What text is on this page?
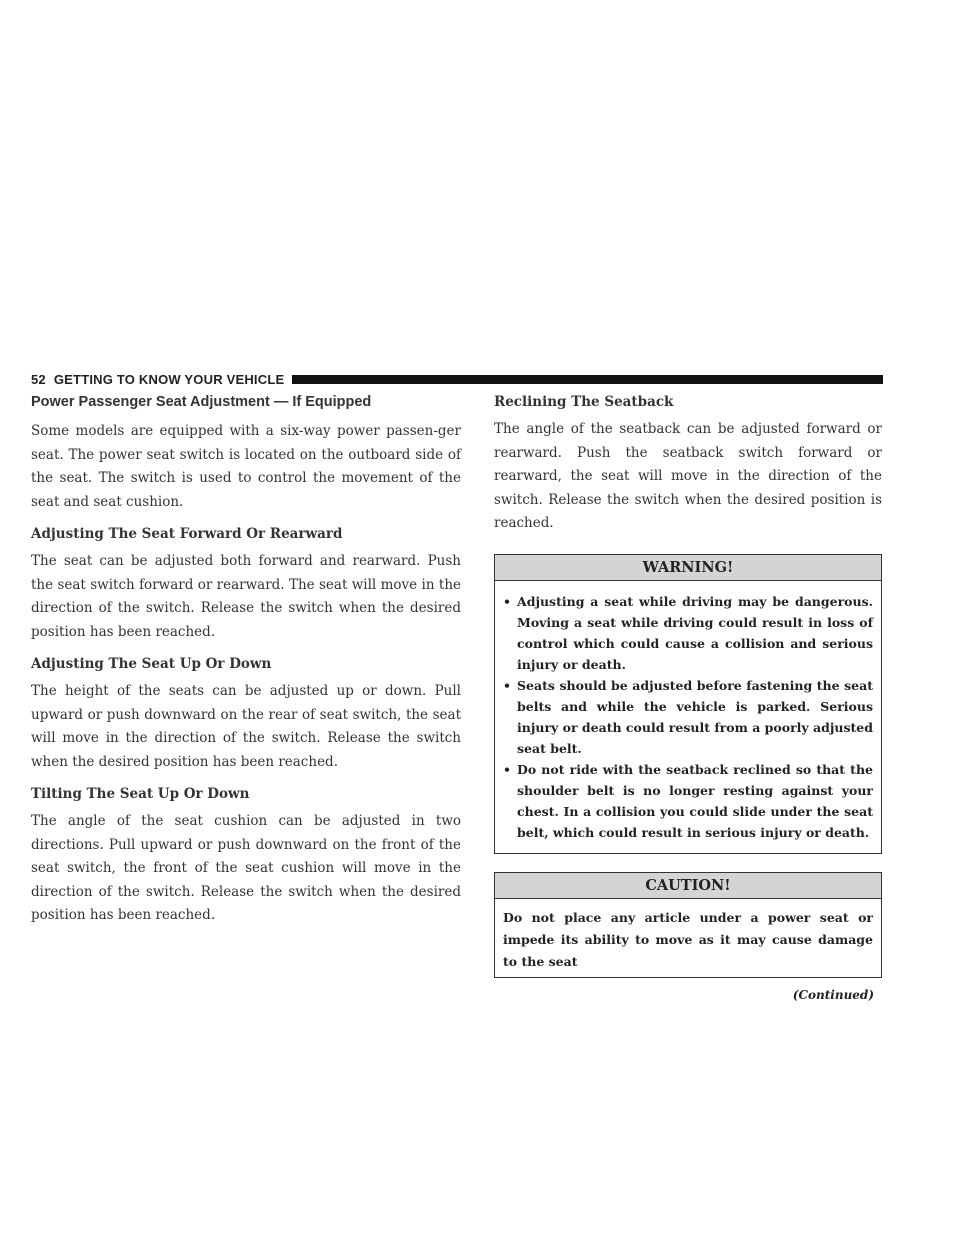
52 GETTING TO KNOW YOUR VEHICLE
Power Passenger Seat Adjustment — If Equipped

Some models are equipped with a six-way power passen-ger seat. The power seat switch is located on the outboard side of the seat. The switch is used to control the movement of the seat and seat cushion.

Adjusting The Seat Forward Or Rearward

The seat can be adjusted both forward and rearward. Push the seat switch forward or rearward. The seat will move in the direction of the switch. Release the switch when the desired position has been reached.

Adjusting The Seat Up Or Down

The height of the seats can be adjusted up or down. Pull upward or push downward on the rear of seat switch, the seat will move in the direction of the switch. Release the switch when the desired position has been reached.

Tilting The Seat Up Or Down

The angle of the seat cushion can be adjusted in two directions. Pull upward or push downward on the front of the seat switch, the front of the seat cushion will move in the direction of the switch. Release the switch when the desired position has been reached.

Reclining The Seatback

The angle of the seatback can be adjusted forward or rearward. Push the seatback switch forward or rearward, the seat will move in the direction of the switch. Release the switch when the desired position is reached.

WARNING!
• Adjusting a seat while driving may be dangerous. Moving a seat while driving could result in loss of control which could cause a collision and serious injury or death.
• Seats should be adjusted before fastening the seat belts and while the vehicle is parked. Serious injury or death could result from a poorly adjusted seat belt.
• Do not ride with the seatback reclined so that the shoulder belt is no longer resting against your chest. In a collision you could slide under the seat belt, which could result in serious injury or death.
CAUTION!
Do not place any article under a power seat or impede its ability to move as it may cause damage to the seat
(Continued)
